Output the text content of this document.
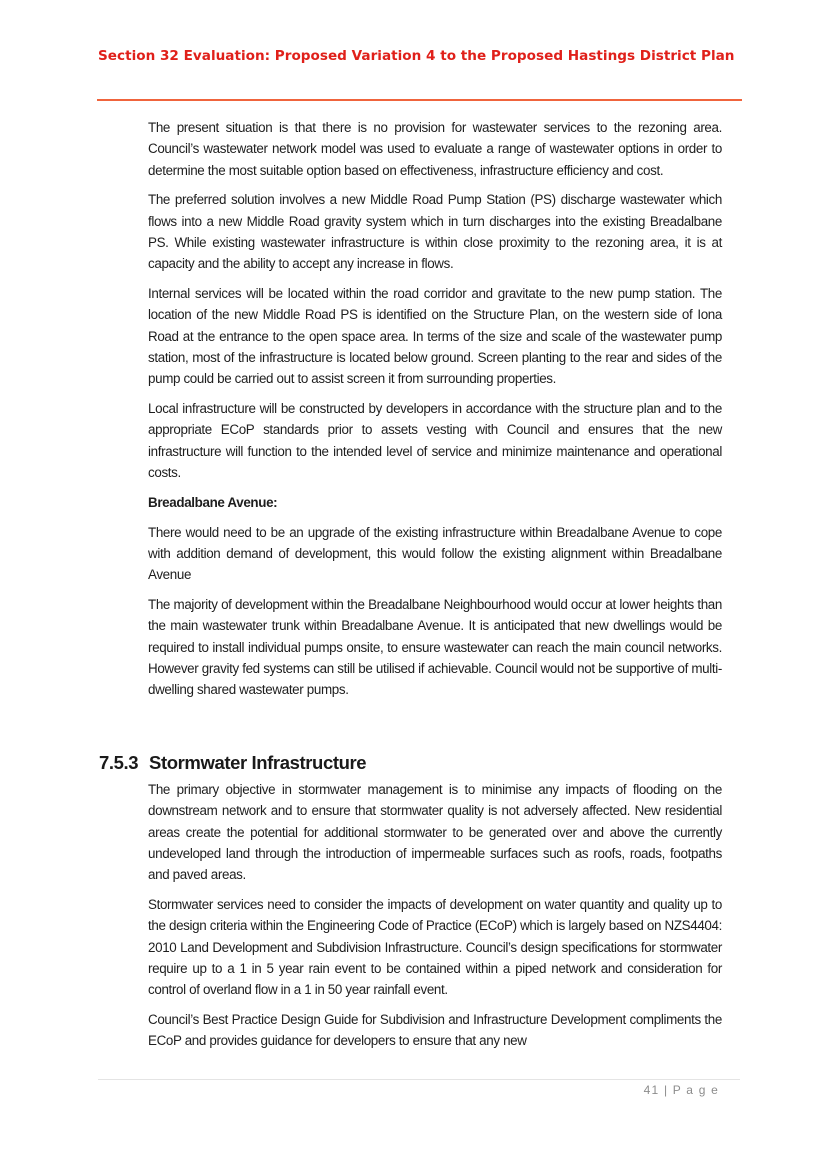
Section 32 Evaluation: Proposed Variation 4 to the Proposed Hastings District Plan

The present situation is that there is no provision for wastewater services to the rezoning area. Council’s wastewater network model was used to evaluate a range of wastewater options in order to determine the most suitable option based on effectiveness, infrastructure efficiency and cost.

The preferred solution involves a new Middle Road Pump Station (PS) discharge wastewater which flows into a new Middle Road gravity system which in turn discharges into the existing Breadalbane PS. While existing wastewater infrastructure is within close proximity to the rezoning area, it is at capacity and the ability to accept any increase in flows.

Internal services will be located within the road corridor and gravitate to the new pump station. The location of the new Middle Road PS is identified on the Structure Plan, on the western side of Iona Road at the entrance to the open space area. In terms of the size and scale of the wastewater pump station, most of the infrastructure is located below ground. Screen planting to the rear and sides of the pump could be carried out to assist screen it from surrounding properties.

Local infrastructure will be constructed by developers in accordance with the structure plan and to the appropriate ECoP standards prior to assets vesting with Council and ensures that the new infrastructure will function to the intended level of service and minimize maintenance and operational costs.

Breadalbane Avenue:

There would need to be an upgrade of the existing infrastructure within Breadalbane Avenue to cope with addition demand of development, this would follow the existing alignment within Breadalbane Avenue

The majority of development within the Breadalbane Neighbourhood would occur at lower heights than the main wastewater trunk within Breadalbane Avenue. It is anticipated that new dwellings would be required to install individual pumps onsite, to ensure wastewater can reach the main council networks. However gravity fed systems can still be utilised if achievable. Council would not be supportive of multi-dwelling shared wastewater pumps.

7.5.3 Stormwater Infrastructure

The primary objective in stormwater management is to minimise any impacts of flooding on the downstream network and to ensure that stormwater quality is not adversely affected. New residential areas create the potential for additional stormwater to be generated over and above the currently undeveloped land through the introduction of impermeable surfaces such as roofs, roads, footpaths and paved areas.

Stormwater services need to consider the impacts of development on water quantity and quality up to the design criteria within the Engineering Code of Practice (ECoP) which is largely based on NZS4404: 2010 Land Development and Subdivision Infrastructure. Council’s design specifications for stormwater require up to a 1 in 5 year rain event to be contained within a piped network and consideration for control of overland flow in a 1 in 50 year rainfall event.

Council’s Best Practice Design Guide for Subdivision and Infrastructure Development compliments the ECoP and provides guidance for developers to ensure that any new

41 | P a g e
